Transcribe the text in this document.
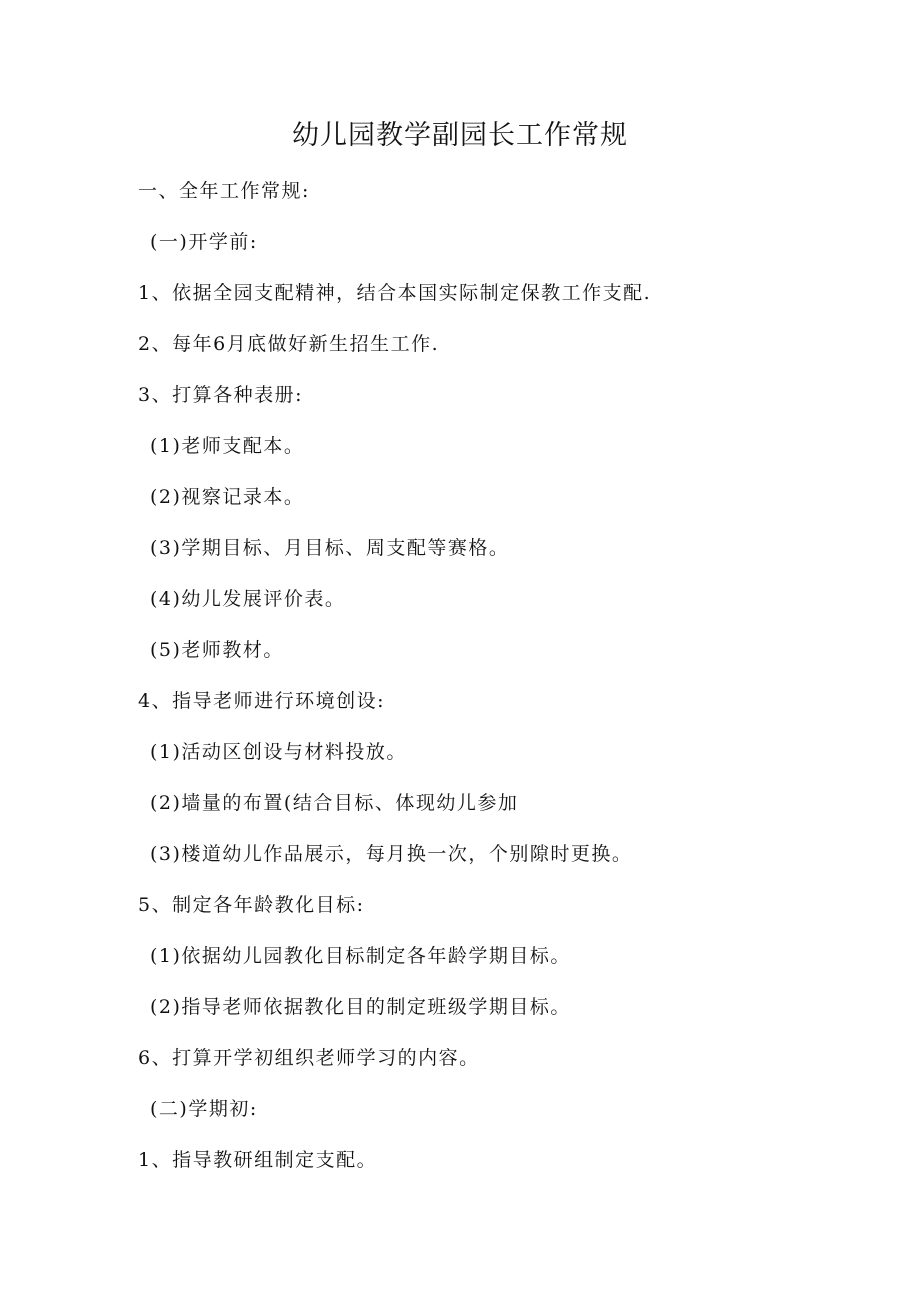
幼儿园教学副园长工作常规
一、全年工作常规:
(一)开学前:
1、依据全园支配精神，结合本国实际制定保教工作支配.
2、每年6月底做好新生招生工作.
3、打算各种表册:
(1)老师支配本。
(2)视察记录本。
(3)学期目标、月目标、周支配等赛格。
(4)幼儿发展评价表。
(5)老师教材。
4、指导老师进行环境创设:
(1)活动区创设与材料投放。
(2)墙量的布置(结合目标、体现幼儿参加
(3)楼道幼儿作品展示，每月换一次，个别隙时更换。
5、制定各年龄教化目标:
(1)依据幼儿园教化目标制定各年龄学期目标。
(2)指导老师依据教化目的制定班级学期目标。
6、打算开学初组织老师学习的内容。
(二)学期初:
1、指导教研组制定支配。
